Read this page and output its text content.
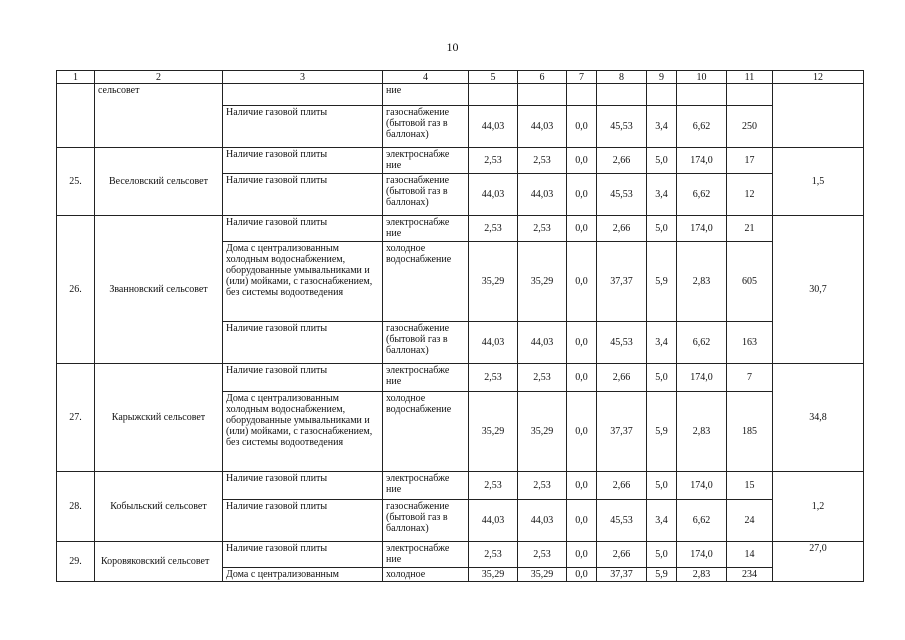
10
1	2	3	4	5	6	7	8	9	10	11	12
	сельсовет		ние								
		Наличие газовой плиты	газоснабжение (бытовой газ в баллонах)	44,03	44,03	0,0	45,53	3,4	6,62	250	
25.	Веселовский сельсовет	Наличие газовой плиты	электроснабже ние	2,53	2,53	0,0	2,66	5,0	174,0	17	1,5
		Наличие газовой плиты	газоснабжение (бытовой газ в баллонах)	44,03	44,03	0,0	45,53	3,4	6,62	12	
26.	Званновский сельсовет	Наличие газовой плиты	электроснабже ние	2,53	2,53	0,0	2,66	5,0	174,0	21	30,7
		Дома с централизованным холодным водоснабжением, оборудованные умывальниками и (или) мойками, с газоснабжением, без системы водоотведения	холодное водоснабжение	35,29	35,29	0,0	37,37	5,9	2,83	605	
		Наличие газовой плиты	газоснабжение (бытовой газ в баллонах)	44,03	44,03	0,0	45,53	3,4	6,62	163	
27.	Карыжский сельсовет	Наличие газовой плиты	электроснабже ние	2,53	2,53	0,0	2,66	5,0	174,0	7	34,8
		Дома с централизованным холодным водоснабжением, оборудованные умывальниками и (или) мойками, с газоснабжением, без системы водоотведения	холодное водоснабжение	35,29	35,29	0,0	37,37	5,9	2,83	185	
28.	Кобыльский сельсовет	Наличие газовой плиты	электроснабже ние	2,53	2,53	0,0	2,66	5,0	174,0	15	1,2
		Наличие газовой плиты	газоснабжение (бытовой газ в баллонах)	44,03	44,03	0,0	45,53	3,4	6,62	24	
29.	Коровяковский сельсовет	Наличие газовой плиты	электроснабже ние	2,53	2,53	0,0	2,66	5,0	174,0	14	27,0
		Дома с централизованным	холодное	35,29	35,29	0,0	37,37	5,9	2,83	234	
